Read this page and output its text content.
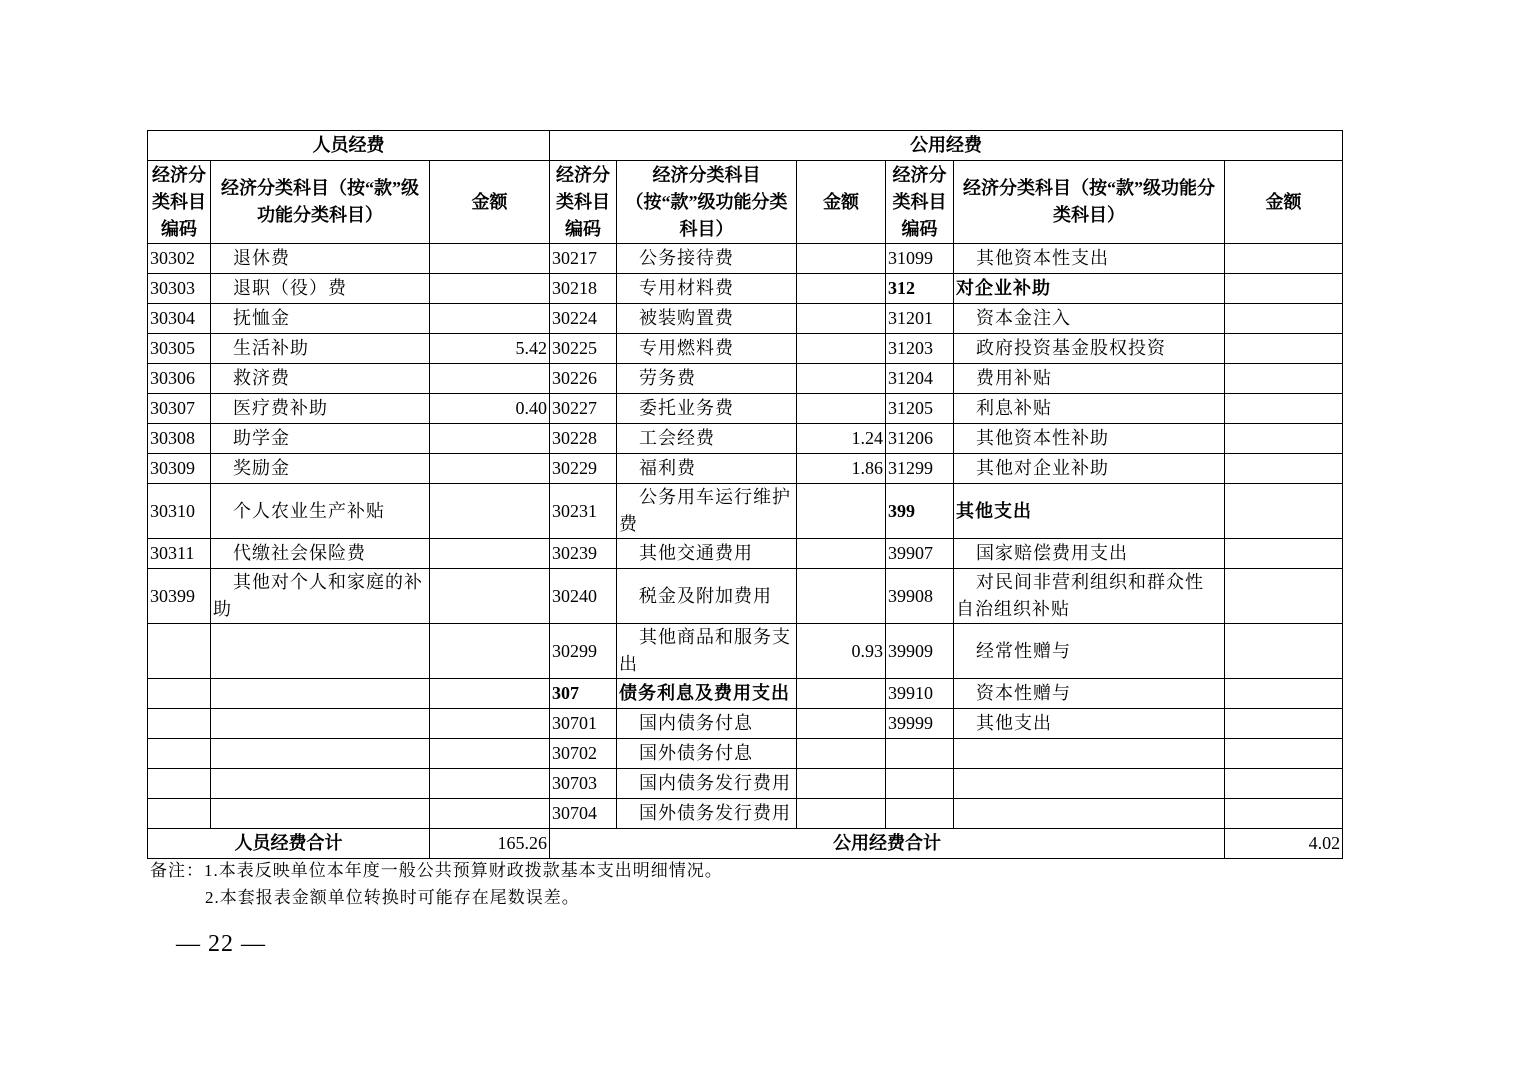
人员经费			公用经费					
经济分类科目编码	经济分类科目（按“款”级功能分类科目）	金额	经济分类科目编码	经济分类科目（按“款”级功能分类科目）	金额	经济分类科目编码	经济分类科目（按“款”级功能分类科目）	金额
30302	退休费		30217	公务接待费		31099	其他资本性支出	
30303	退职（役）费		30218	专用材料费		312	对企业补助	
30304	抚恤金		30224	被装购置费		31201	资本金注入	
30305	生活补助	5.42	30225	专用燃料费		31203	政府投资基金股权投资	
30306	救济费		30226	劳务费		31204	费用补贴	
30307	医疗费补助	0.40	30227	委托业务费		31205	利息补贴	
30308	助学金		30228	工会经费	1.24	31206	其他资本性补助	
30309	奖励金		30229	福利费	1.86	31299	其他对企业补助	
30310	个人农业生产补贴		30231	公务用车运行维护费		399	其他支出	
30311	代缴社会保险费		30239	其他交通费用		39907	国家赔偿费用支出	
30399	其他对个人和家庭的补助		30240	税金及附加费用		39908	对民间非营利组织和群众性自治组织补贴	
			30299	其他商品和服务支出	0.93	39909	经常性赠与	
			307	债务利息及费用支出		39910	资本性赠与	
			30701	国内债务付息		39999	其他支出	
			30702	国外债务付息				
			30703	国内债务发行费用				
			30704	国外债务发行费用				
人员经费合计		165.26	公用经费合计					4.02
备注：1.本表反映单位本年度一般公共预算财政拨款基本支出明细情况。
2.本套报表金额单位转换时可能存在尾数误差。
— 22 —
